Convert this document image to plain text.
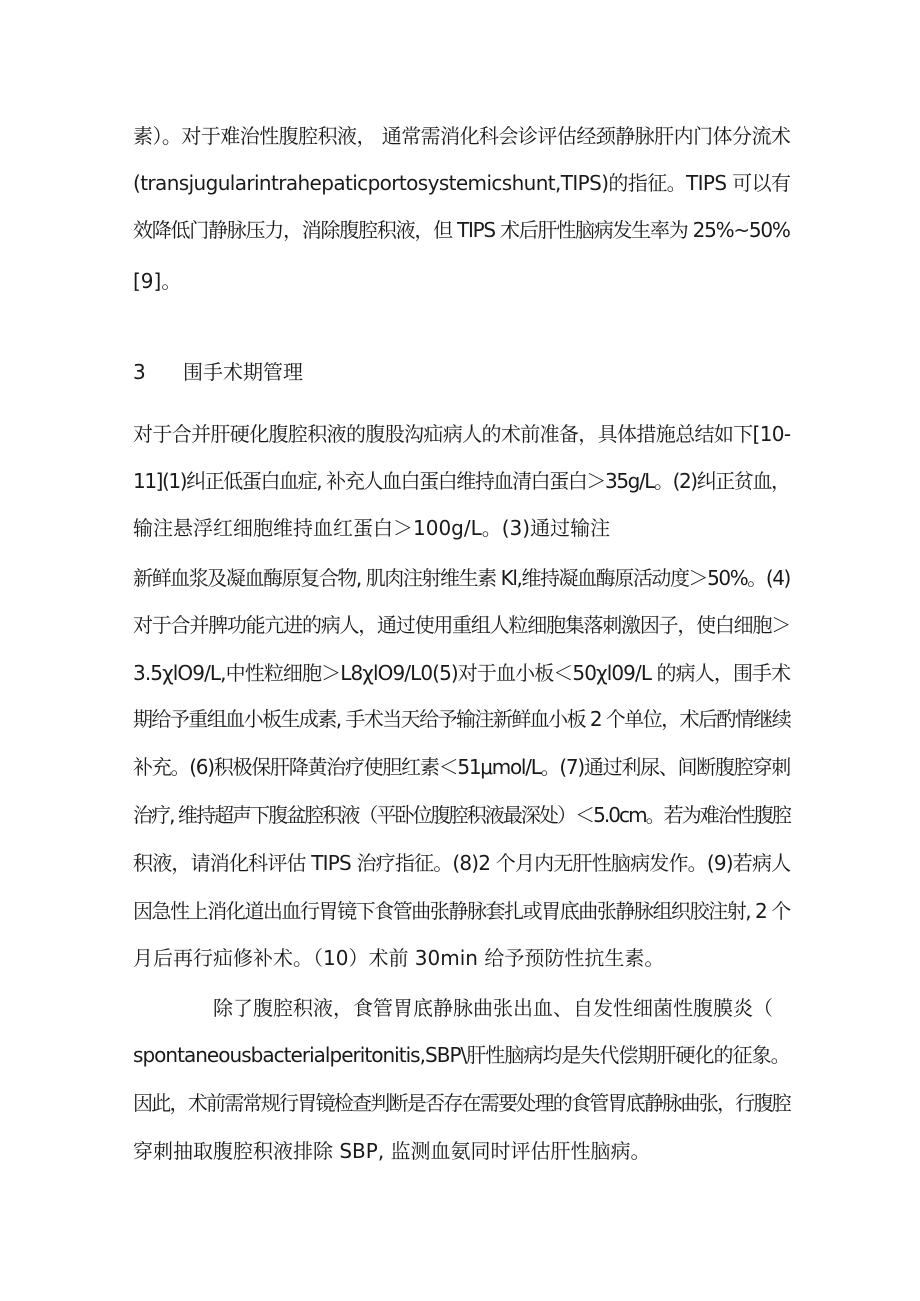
素）。对于难治性腹腔积液， 通常需消化科会诊评估经颈静脉肝内门体分流术

(transjugularintrahepaticportosystemicshunt,TIPS)的指征。TIPS 可以有

效降低门静脉压力，消除腹腔积液，但 TIPS 术后肝性脑病发生率为 25%~50%

[9]。

3 围手术期管理

对于合并肝硬化腹腔积液的腹股沟疝病人的术前准备，具体措施总结如下[10-

11](1)纠正低蛋白血症, 补充人血白蛋白维持血清白蛋白＞35g/L。(2)纠正贫血，

输注悬浮红细胞维持血红蛋白＞100g/L。(3)通过输注

新鲜血浆及凝血酶原复合物, 肌肉注射维生素 Kl,维持凝血酶原活动度＞50%。(4)

对于合并脾功能亢进的病人，通过使用重组人粒细胞集落刺激因子，使白细胞＞

3.5χlO9/L,中性粒细胞＞L8χlO9/L0(5)对于血小板＜50χl09/L 的病人，围手术

期给予重组血小板生成素, 手术当天给予输注新鲜血小板 2 个单位，术后酌情继续

补充。(6)积极保肝降黄治疗使胆红素＜51μmol/L。(7)通过利尿、间断腹腔穿刺

治疗, 维持超声下腹盆腔积液（平卧位腹腔积液最深处）＜5.0cm。若为难治性腹腔

积液，请消化科评估 TIPS 治疗指征。(8)2 个月内无肝性脑病发作。(9)若病人

因急性上消化道出血行胃镜下食管曲张静脉套扎或胃底曲张静脉组织胶注射, 2 个

月后再行疝修补术。（10）术前 30min 给予预防性抗生素。

除了腹腔积液，食管胃底静脉曲张出血、自发性细菌性腹膜炎（

spontaneousbacterialperitonitis,SBP\肝性脑病均是失代偿期肝硬化的征象。

因此，术前需常规行胃镜检查判断是否存在需要处理的食管胃底静脉曲张，行腹腔

穿刺抽取腹腔积液排除 SBP, 监测血氨同时评估肝性脑病。
